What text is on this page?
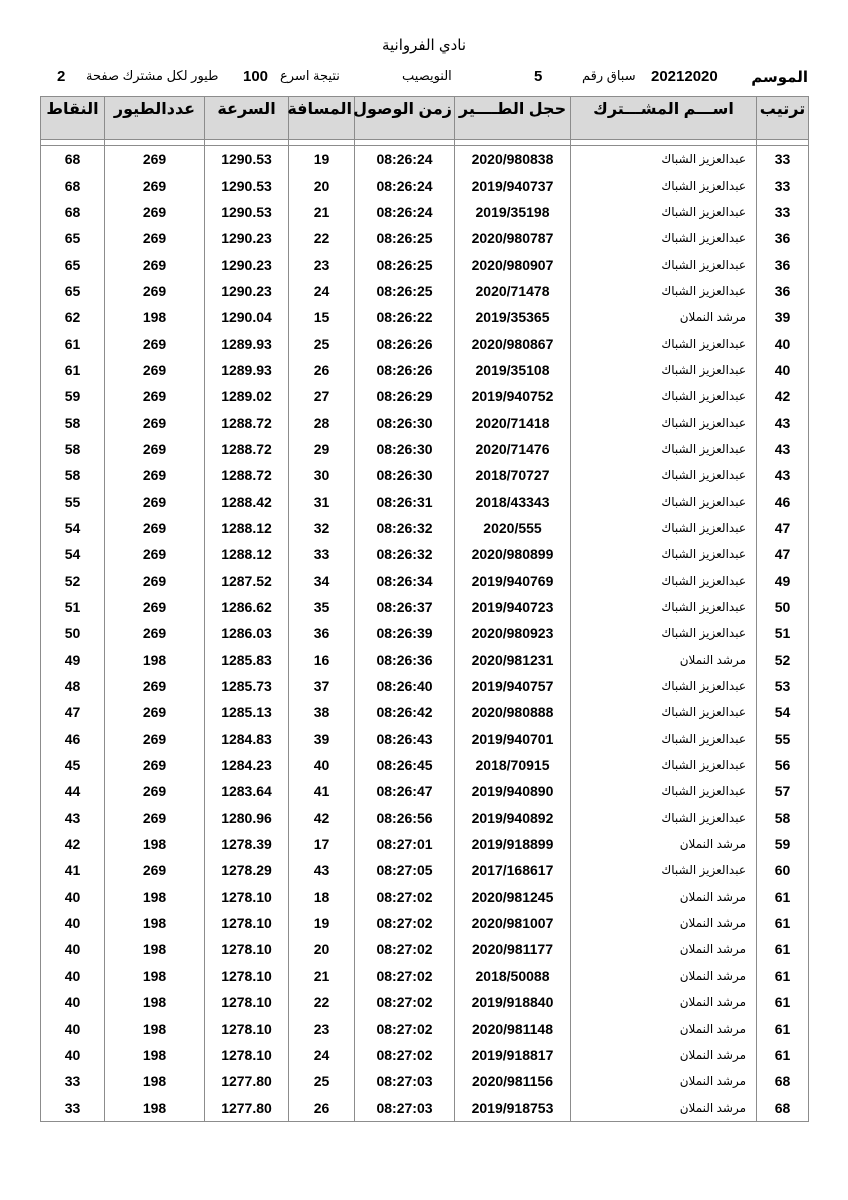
نادي الفروانية
الموسم
20212020
سباق رقم
5
النويصيب
نتيجة اسرع
100
طيور لكل مشترك صفحة
2
النقاط	عددالطيور	السرعة	المسافة	زمن الوصول	حجل الطــــير	اســـم المشـــترك	ترتيب

68	269	1290.53	19	08:26:24	2020/980838	عبدالعزيز الشباك	33
68	269	1290.53	20	08:26:24	2019/940737	عبدالعزيز الشباك	33
68	269	1290.53	21	08:26:24	2019/35198	عبدالعزيز الشباك	33
65	269	1290.23	22	08:26:25	2020/980787	عبدالعزيز الشباك	36
65	269	1290.23	23	08:26:25	2020/980907	عبدالعزيز الشباك	36
65	269	1290.23	24	08:26:25	2020/71478	عبدالعزيز الشباك	36
62	198	1290.04	15	08:26:22	2019/35365	مرشد النملان	39
61	269	1289.93	25	08:26:26	2020/980867	عبدالعزيز الشباك	40
61	269	1289.93	26	08:26:26	2019/35108	عبدالعزيز الشباك	40
59	269	1289.02	27	08:26:29	2019/940752	عبدالعزيز الشباك	42
58	269	1288.72	28	08:26:30	2020/71418	عبدالعزيز الشباك	43
58	269	1288.72	29	08:26:30	2020/71476	عبدالعزيز الشباك	43
58	269	1288.72	30	08:26:30	2018/70727	عبدالعزيز الشباك	43
55	269	1288.42	31	08:26:31	2018/43343	عبدالعزيز الشباك	46
54	269	1288.12	32	08:26:32	2020/555	عبدالعزيز الشباك	47
54	269	1288.12	33	08:26:32	2020/980899	عبدالعزيز الشباك	47
52	269	1287.52	34	08:26:34	2019/940769	عبدالعزيز الشباك	49
51	269	1286.62	35	08:26:37	2019/940723	عبدالعزيز الشباك	50
50	269	1286.03	36	08:26:39	2020/980923	عبدالعزيز الشباك	51
49	198	1285.83	16	08:26:36	2020/981231	مرشد النملان	52
48	269	1285.73	37	08:26:40	2019/940757	عبدالعزيز الشباك	53
47	269	1285.13	38	08:26:42	2020/980888	عبدالعزيز الشباك	54
46	269	1284.83	39	08:26:43	2019/940701	عبدالعزيز الشباك	55
45	269	1284.23	40	08:26:45	2018/70915	عبدالعزيز الشباك	56
44	269	1283.64	41	08:26:47	2019/940890	عبدالعزيز الشباك	57
43	269	1280.96	42	08:26:56	2019/940892	عبدالعزيز الشباك	58
42	198	1278.39	17	08:27:01	2019/918899	مرشد النملان	59
41	269	1278.29	43	08:27:05	2017/168617	عبدالعزيز الشباك	60
40	198	1278.10	18	08:27:02	2020/981245	مرشد النملان	61
40	198	1278.10	19	08:27:02	2020/981007	مرشد النملان	61
40	198	1278.10	20	08:27:02	2020/981177	مرشد النملان	61
40	198	1278.10	21	08:27:02	2018/50088	مرشد النملان	61
40	198	1278.10	22	08:27:02	2019/918840	مرشد النملان	61
40	198	1278.10	23	08:27:02	2020/981148	مرشد النملان	61
40	198	1278.10	24	08:27:02	2019/918817	مرشد النملان	61
33	198	1277.80	25	08:27:03	2020/981156	مرشد النملان	68
33	198	1277.80	26	08:27:03	2019/918753	مرشد النملان	68
